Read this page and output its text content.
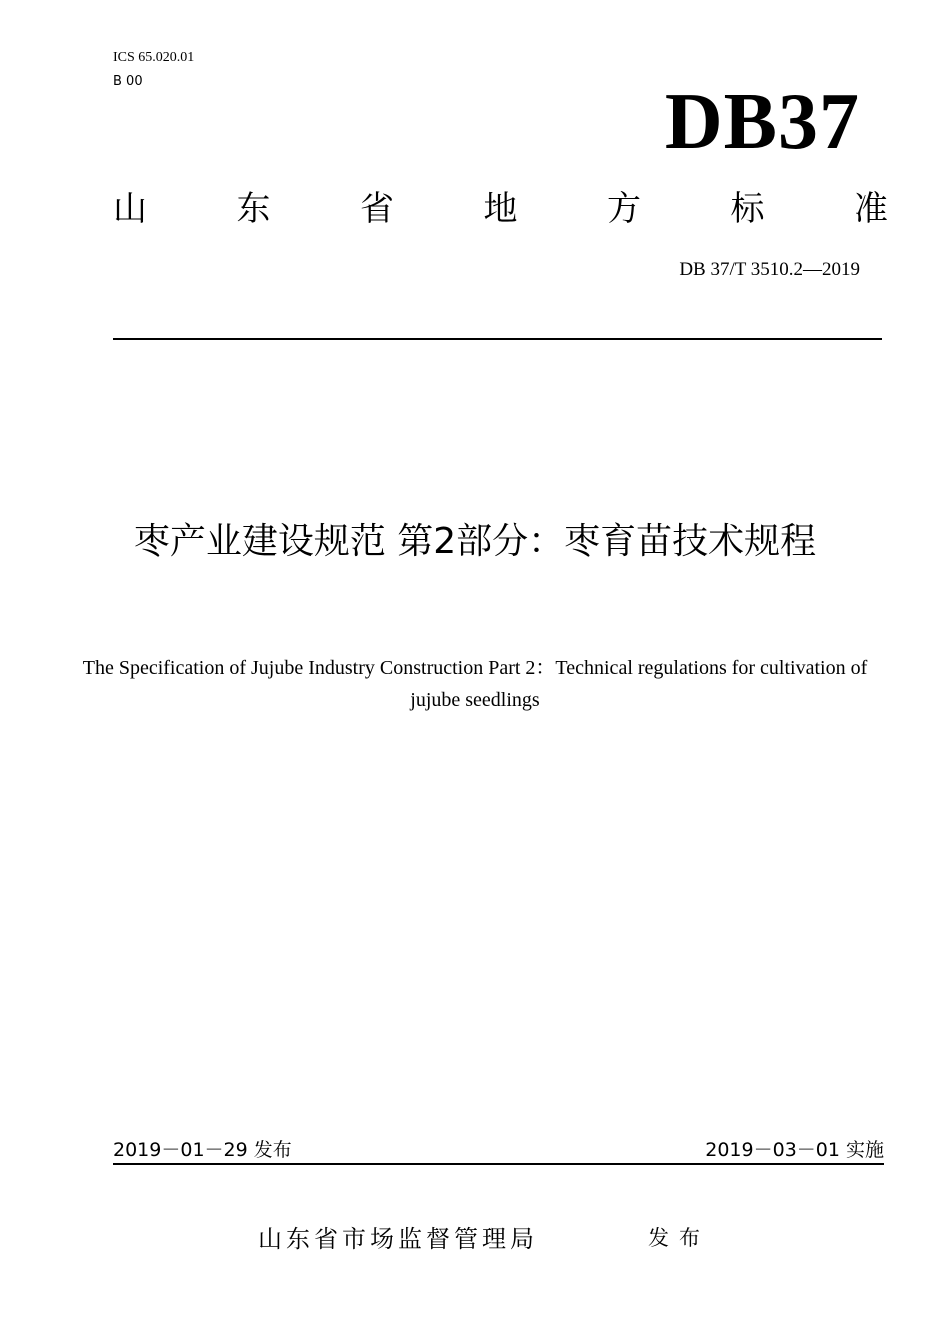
ICS 65.020.01
B 00	DB37
山	东	省	地	方	标	准
DB 37/T 3510.2—2019
枣产业建设规范 第2部分：枣育苗技术规程
The Specification of Jujube Industry Construction Part 2：Technical regulations for cultivation of jujube seedlings
2019－01－29 发布	2019－03－01 实施
山东省市场监督管理局	发布
